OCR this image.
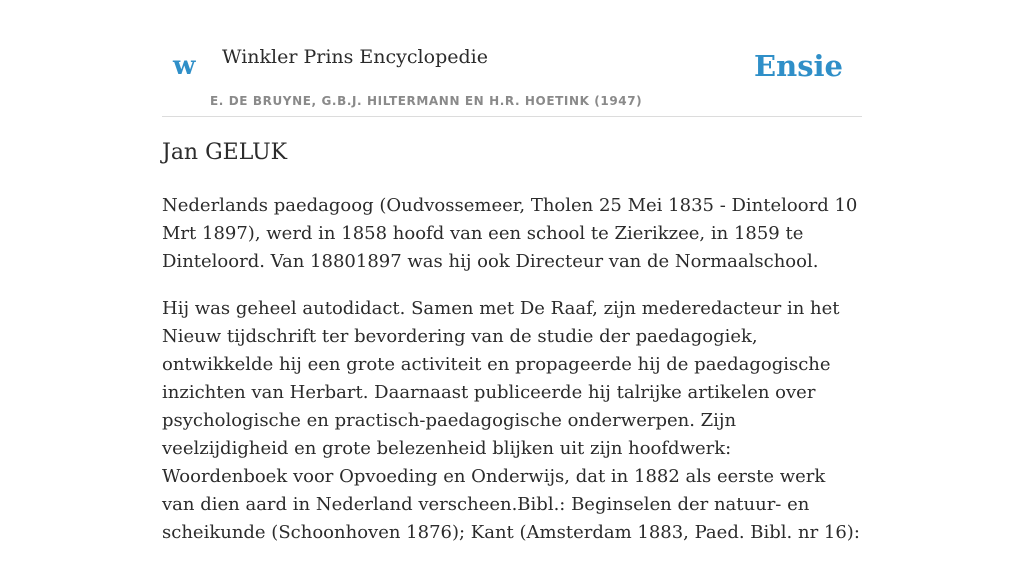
w Winkler Prins Encyclopedie
E. DE BRUYNE, G.B.J. HILTERMANN EN H.R. HOETINK (1947)
Ensie
Jan GELUK

Nederlands paedagoog (Oudvossemeer, Tholen 25 Mei 1835 - Dinteloord 10 Mrt 1897), werd in 1858 hoofd van een school te Zierikzee, in 1859 te Dinteloord. Van 18801897 was hij ook Directeur van de Normaalschool.

Hij was geheel autodidact. Samen met De Raaf, zijn mederedacteur in het Nieuw tijdschrift ter bevordering van de studie der paedagogiek, ontwikkelde hij een grote activiteit en propageerde hij de paedagogische inzichten van Herbart. Daarnaast publiceerde hij talrijke artikelen over psychologische en practisch-paedagogische onderwerpen. Zijn veelzijdigheid en grote belezenheid blijken uit zijn hoofdwerk: Woordenboek voor Opvoeding en Onderwijs, dat in 1882 als eerste werk van dien aard in Nederland verscheen.Bibl.: Beginselen der natuur- en scheikunde (Schoonhoven 1876); Kant (Amsterdam 1883, Paed. Bibl. nr 16):
